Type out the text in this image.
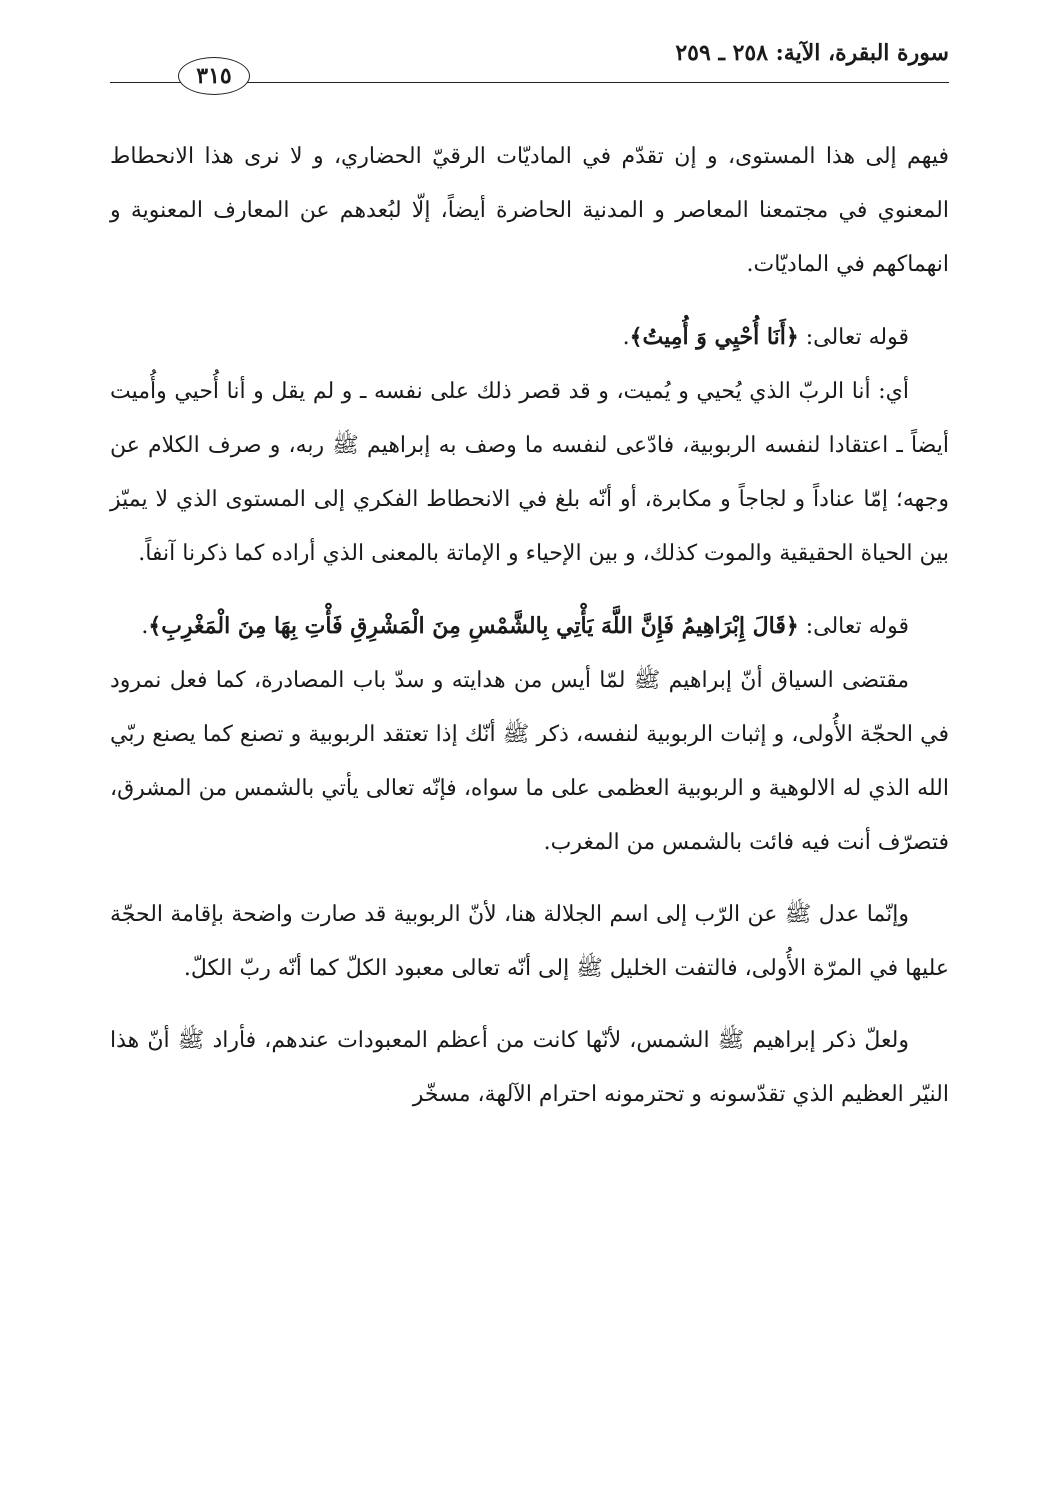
سورة البقرة، الآية: ٢٥٨ ـ ٢٥٩
٣١٥

فيهم إلى هذا المستوى، و إن تقدّم في الماديّات الرقيّ الحضاري، و لا نرى هذا الانحطاط المعنوي في مجتمعنا المعاصر و المدنية الحاضرة أيضاً، إلّا لبُعدهم عن المعارف المعنوية و انهماكهم في الماديّات.

قوله تعالى: ﴿أَنَا أُحْيِي وَ أُمِيتُ﴾.

أي: أنا الربّ الذي يُحيي و يُميت، و قد قصر ذلك على نفسه ـ و لم يقل و أنا أُحيي وأُميت أيضاً ـ اعتقادا لنفسه الربوبية، فادّعى لنفسه ما وصف به إبراهيم ﷺ ربه، و صرف الكلام عن وجهه؛ إمّا عناداً و لجاجاً و مكابرة، أو أنّه بلغ في الانحطاط الفكري إلى المستوى الذي لا يميّز بين الحياة الحقيقية والموت كذلك، و بين الإحياء و الإماتة بالمعنى الذي أراده كما ذكرنا آنفاً.

قوله تعالى: ﴿قَالَ إِبْرَاهِيمُ فَإِنَّ اللَّهَ يَأْتِي بِالشَّمْسِ مِنَ الْمَشْرِقِ فَأْتِ بِهَا مِنَ الْمَغْرِبِ﴾.

مقتضى السياق أنّ إبراهيم ﷺ لمّا أيس من هدايته و سدّ باب المصادرة، كما فعل نمرود في الحجّة الأُولى، و إثبات الربوبية لنفسه، ذكر ﷺ أنّك إذا تعتقد الربوبية و تصنع كما يصنع ربّي الله الذي له الالوهية و الربوبية العظمى على ما سواه، فإنّه تعالى يأتي بالشمس من المشرق، فتصرّف أنت فيه فائت بالشمس من المغرب.

وإنّما عدل ﷺ عن الرّب إلى اسم الجلالة هنا، لأنّ الربوبية قد صارت واضحة بإقامة الحجّة عليها في المرّة الأُولى، فالتفت الخليل ﷺ إلى أنّه تعالى معبود الكلّ كما أنّه ربّ الكلّ.

ولعلّ ذكر إبراهيم ﷺ الشمس، لأنّها كانت من أعظم المعبودات عندهم، فأراد ﷺ أنّ هذا النيّر العظيم الذي تقدّسونه و تحترمونه احترام الآلهة، مسخّر
